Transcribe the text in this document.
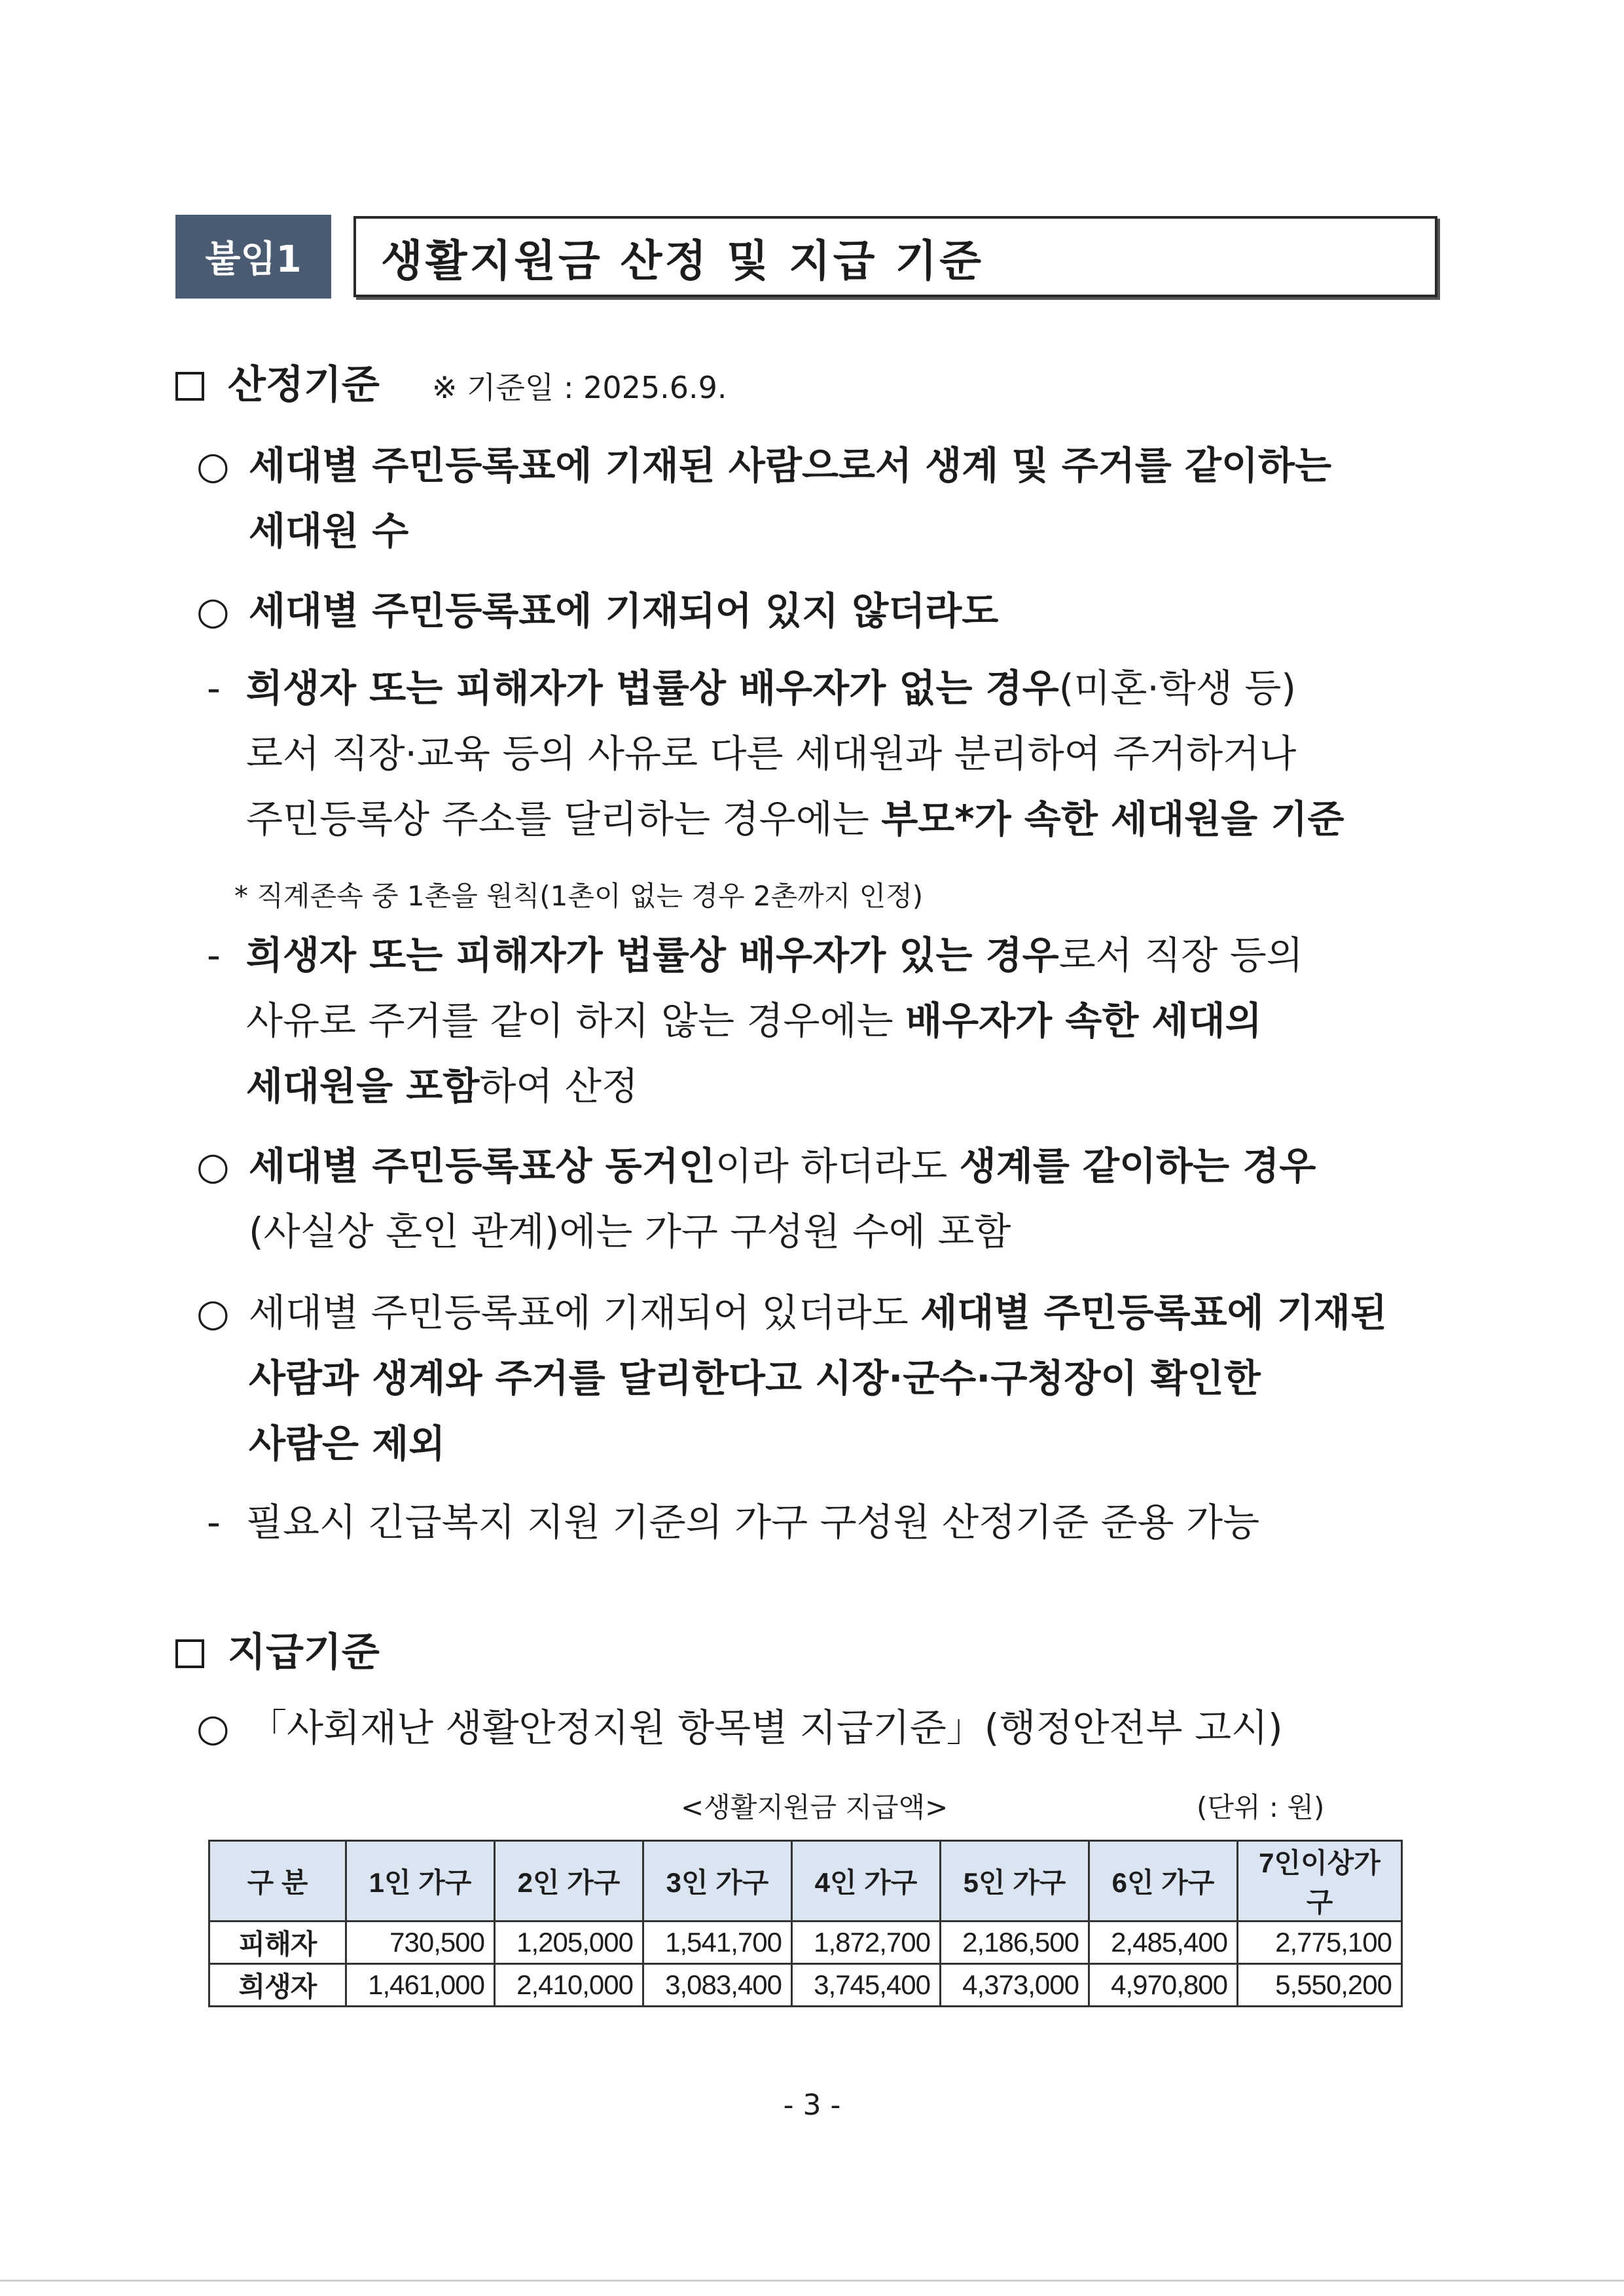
붙임1	생활지원금 산정 및 지급 기준
산정기준 ※ 기준일 : 2025.6.9.
○ 세대별 주민등록표에 기재된 사람으로서 생계 및 주거를 같이하는
세대원 수
○ 세대별 주민등록표에 기재되어 있지 않더라도
- 희생자 또는 피해자가 법률상 배우자가 없는 경우(미혼·학생 등)
로서 직장·교육 등의 사유로 다른 세대원과 분리하여 주거하거나
주민등록상 주소를 달리하는 경우에는 부모*가 속한 세대원을 기준
* 직계존속 중 1촌을 원칙(1촌이 없는 경우 2촌까지 인정)
- 희생자 또는 피해자가 법률상 배우자가 있는 경우로서 직장 등의
사유로 주거를 같이 하지 않는 경우에는 배우자가 속한 세대의
세대원을 포함하여 산정
○ 세대별 주민등록표상 동거인이라 하더라도 생계를 같이하는 경우
(사실상 혼인 관계)에는 가구 구성원 수에 포함
○ 세대별 주민등록표에 기재되어 있더라도 세대별 주민등록표에 기재된
사람과 생계와 주거를 달리한다고 시장·군수·구청장이 확인한
사람은 제외
- 필요시 긴급복지 지원 기준의 가구 구성원 산정기준 준용 가능
지급기준
○ 「사회재난 생활안정지원 항목별 지급기준」(행정안전부 고시)
<생활지원금 지급액>	(단위 : 원)
구 분	1인 가구	2인 가구	3인 가구	4인 가구	5인 가구	6인 가구	7인이상가구
피해자	730,500	1,205,000	1,541,700	1,872,700	2,186,500	2,485,400	2,775,100
희생자	1,461,000	2,410,000	3,083,400	3,745,400	4,373,000	4,970,800	5,550,200
- 3 -
